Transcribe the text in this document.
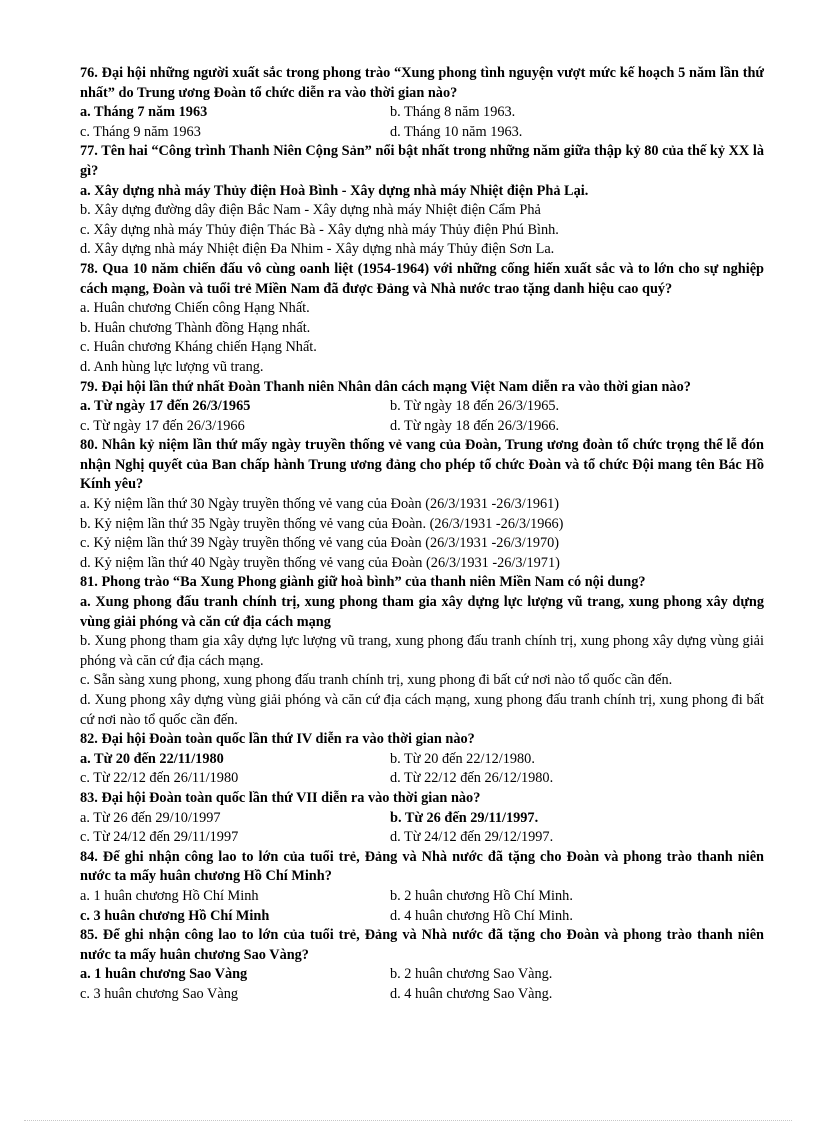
76. Đại hội những người xuất sắc trong phong trào “Xung phong tình nguyện vượt mức kế hoạch 5 năm lần thứ nhất” do Trung ương Đoàn tổ chức diễn ra vào thời gian nào?

a. Tháng 7 năm 1963	b. Tháng 8 năm 1963.
c. Tháng 9 năm 1963	d. Tháng 10 năm 1963.

77. Tên hai “Công trình Thanh Niên Cộng Sản” nổi bật nhất trong những năm giữa thập kỷ 80 của thế kỷ XX là gì?

a. Xây dựng nhà máy Thủy điện Hoà Bình - Xây dựng nhà máy Nhiệt điện Phả Lại.

b. Xây dựng đường dây điện Bắc Nam - Xây dựng nhà máy Nhiệt điện Cẩm Phả

c. Xây dựng nhà máy Thủy điện Thác Bà - Xây dựng nhà máy Thủy điện Phú Bình.

d. Xây dựng nhà máy Nhiệt điện Đa Nhim - Xây dựng nhà máy Thủy điện Sơn La.

78. Qua 10 năm chiến đấu vô cùng oanh liệt (1954-1964) với những cống hiến xuất sắc và to lớn cho sự nghiệp cách mạng, Đoàn và tuổi trẻ Miền Nam đã được Đảng và Nhà nước trao tặng danh hiệu cao quý?

a. Huân chương Chiến công Hạng Nhất.

b. Huân chương Thành đồng Hạng nhất.

c. Huân chương Kháng chiến Hạng Nhất.

d. Anh hùng lực lượng vũ trang.

79. Đại hội lần thứ nhất Đoàn Thanh niên Nhân dân cách mạng Việt Nam diễn ra vào thời gian nào?

a. Từ ngày 17 đến 26/3/1965	b. Từ ngày 18 đến 26/3/1965.
c. Từ ngày 17 đến 26/3/1966	d. Từ ngày 18 đến 26/3/1966.

80. Nhân kỷ niệm lần thứ mấy ngày truyền thống vẻ vang của Đoàn, Trung ương đoàn tổ chức trọng thể lễ đón nhận Nghị quyết của Ban chấp hành Trung ương đảng cho phép tổ chức Đoàn và tổ chức Đội mang tên Bác Hồ Kính yêu?

a. Kỷ niệm lần thứ 30 Ngày truyền thống vẻ vang của Đoàn (26/3/1931 -26/3/1961)

b. Kỷ niệm lần thứ 35 Ngày truyền thống vẻ vang của Đoàn. (26/3/1931 -26/3/1966)

c. Kỷ niệm lần thứ 39 Ngày truyền thống vẻ vang của Đoàn (26/3/1931 -26/3/1970)

d. Kỷ niệm lần thứ 40 Ngày truyền thống vẻ vang của Đoàn (26/3/1931 -26/3/1971)

81. Phong trào “Ba Xung Phong giành giữ hoà bình” của thanh niên Miền Nam có nội dung?

a. Xung phong đấu tranh chính trị, xung phong tham gia xây dựng lực lượng vũ trang, xung phong xây dựng vùng giải phóng và căn cứ địa cách mạng

b. Xung phong tham gia xây dựng lực lượng vũ trang, xung phong đấu tranh chính trị, xung phong xây dựng vùng giải phóng và căn cứ địa cách mạng.

c. Sẵn sàng xung phong, xung phong đấu tranh chính trị, xung phong đi bất cứ nơi nào tổ quốc cần đến.

d. Xung phong xây dựng vùng giải phóng và căn cứ địa cách mạng, xung phong đấu tranh chính trị, xung phong đi bất cứ nơi nào tổ quốc cần đến.

82. Đại hội Đoàn toàn quốc lần thứ IV diễn ra vào thời gian nào?

a. Từ 20 đến 22/11/1980	b. Từ 20 đến 22/12/1980.
c. Từ 22/12 đến 26/11/1980	d. Từ 22/12 đến 26/12/1980.

83. Đại hội Đoàn toàn quốc lần thứ VII diễn ra vào thời gian nào?

a. Từ 26 đến 29/10/1997	b. Từ 26 đến 29/11/1997.
c. Từ 24/12 đến 29/11/1997	d. Từ 24/12 đến 29/12/1997.

84. Để ghi nhận công lao to lớn của tuổi trẻ, Đảng và Nhà nước đã tặng cho Đoàn và phong trào thanh niên nước ta mấy huân chương Hồ Chí Minh?

a. 1 huân chương Hồ Chí Minh	b. 2 huân chương Hồ Chí Minh.
c. 3 huân chương Hồ Chí Minh	d. 4 huân chương Hồ Chí Minh.

85. Để ghi nhận công lao to lớn của tuổi trẻ, Đảng và Nhà nước đã tặng cho Đoàn và phong trào thanh niên nước ta mấy huân chương Sao Vàng?

a. 1 huân chương Sao Vàng	b. 2 huân chương Sao Vàng.
c. 3 huân chương Sao Vàng	d. 4 huân chương Sao Vàng.
